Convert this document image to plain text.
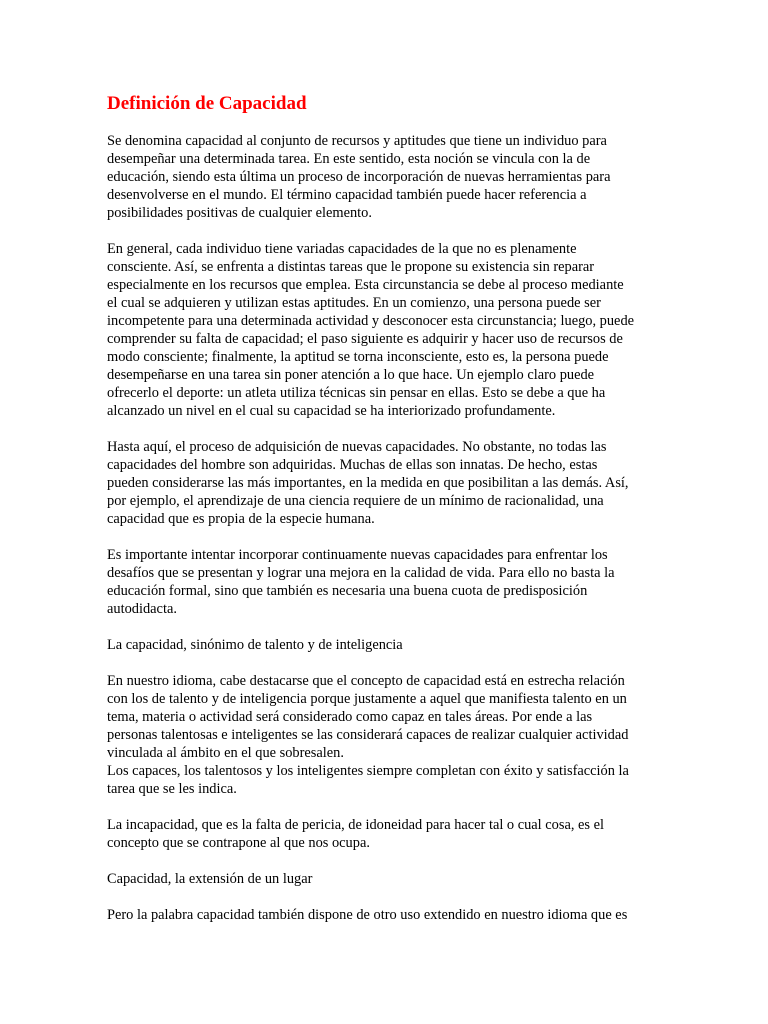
Definición de Capacidad

Se denomina capacidad al conjunto de recursos y aptitudes que tiene un individuo para
desempeñar una determinada tarea. En este sentido, esta noción se vincula con la de
educación, siendo esta última un proceso de incorporación de nuevas herramientas para
desenvolverse en el mundo. El término capacidad también puede hacer referencia a
posibilidades positivas de cualquier elemento.

En general, cada individuo tiene variadas capacidades de la que no es plenamente
consciente. Así, se enfrenta a distintas tareas que le propone su existencia sin reparar
especialmente en los recursos que emplea. Esta circunstancia se debe al proceso mediante
el cual se adquieren y utilizan estas aptitudes. En un comienzo, una persona puede ser
incompetente para una determinada actividad y desconocer esta circunstancia; luego, puede
comprender su falta de capacidad; el paso siguiente es adquirir y hacer uso de recursos de
modo consciente; finalmente, la aptitud se torna inconsciente, esto es, la persona puede
desempeñarse en una tarea sin poner atención a lo que hace. Un ejemplo claro puede
ofrecerlo el deporte: un atleta utiliza técnicas sin pensar en ellas. Esto se debe a que ha
alcanzado un nivel en el cual su capacidad se ha interiorizado profundamente.

Hasta aquí, el proceso de adquisición de nuevas capacidades. No obstante, no todas las
capacidades del hombre son adquiridas. Muchas de ellas son innatas. De hecho, estas
pueden considerarse las más importantes, en la medida en que posibilitan a las demás. Así,
por ejemplo, el aprendizaje de una ciencia requiere de un mínimo de racionalidad, una
capacidad que es propia de la especie humana.

Es importante intentar incorporar continuamente nuevas capacidades para enfrentar los
desafíos que se presentan y lograr una mejora en la calidad de vida. Para ello no basta la
educación formal, sino que también es necesaria una buena cuota de predisposición
autodidacta.

La capacidad, sinónimo de talento y de inteligencia

En nuestro idioma, cabe destacarse que el concepto de capacidad está en estrecha relación
con los de talento y de inteligencia porque justamente a aquel que manifiesta talento en un
tema, materia o actividad será considerado como capaz en tales áreas. Por ende a las
personas talentosas e inteligentes se las considerará capaces de realizar cualquier actividad
vinculada al ámbito en el que sobresalen.
Los capaces, los talentosos y los inteligentes siempre completan con éxito y satisfacción la
tarea que se les indica.

La incapacidad, que es la falta de pericia, de idoneidad para hacer tal o cual cosa, es el
concepto que se contrapone al que nos ocupa.

Capacidad, la extensión de un lugar

Pero la palabra capacidad también dispone de otro uso extendido en nuestro idioma que es
